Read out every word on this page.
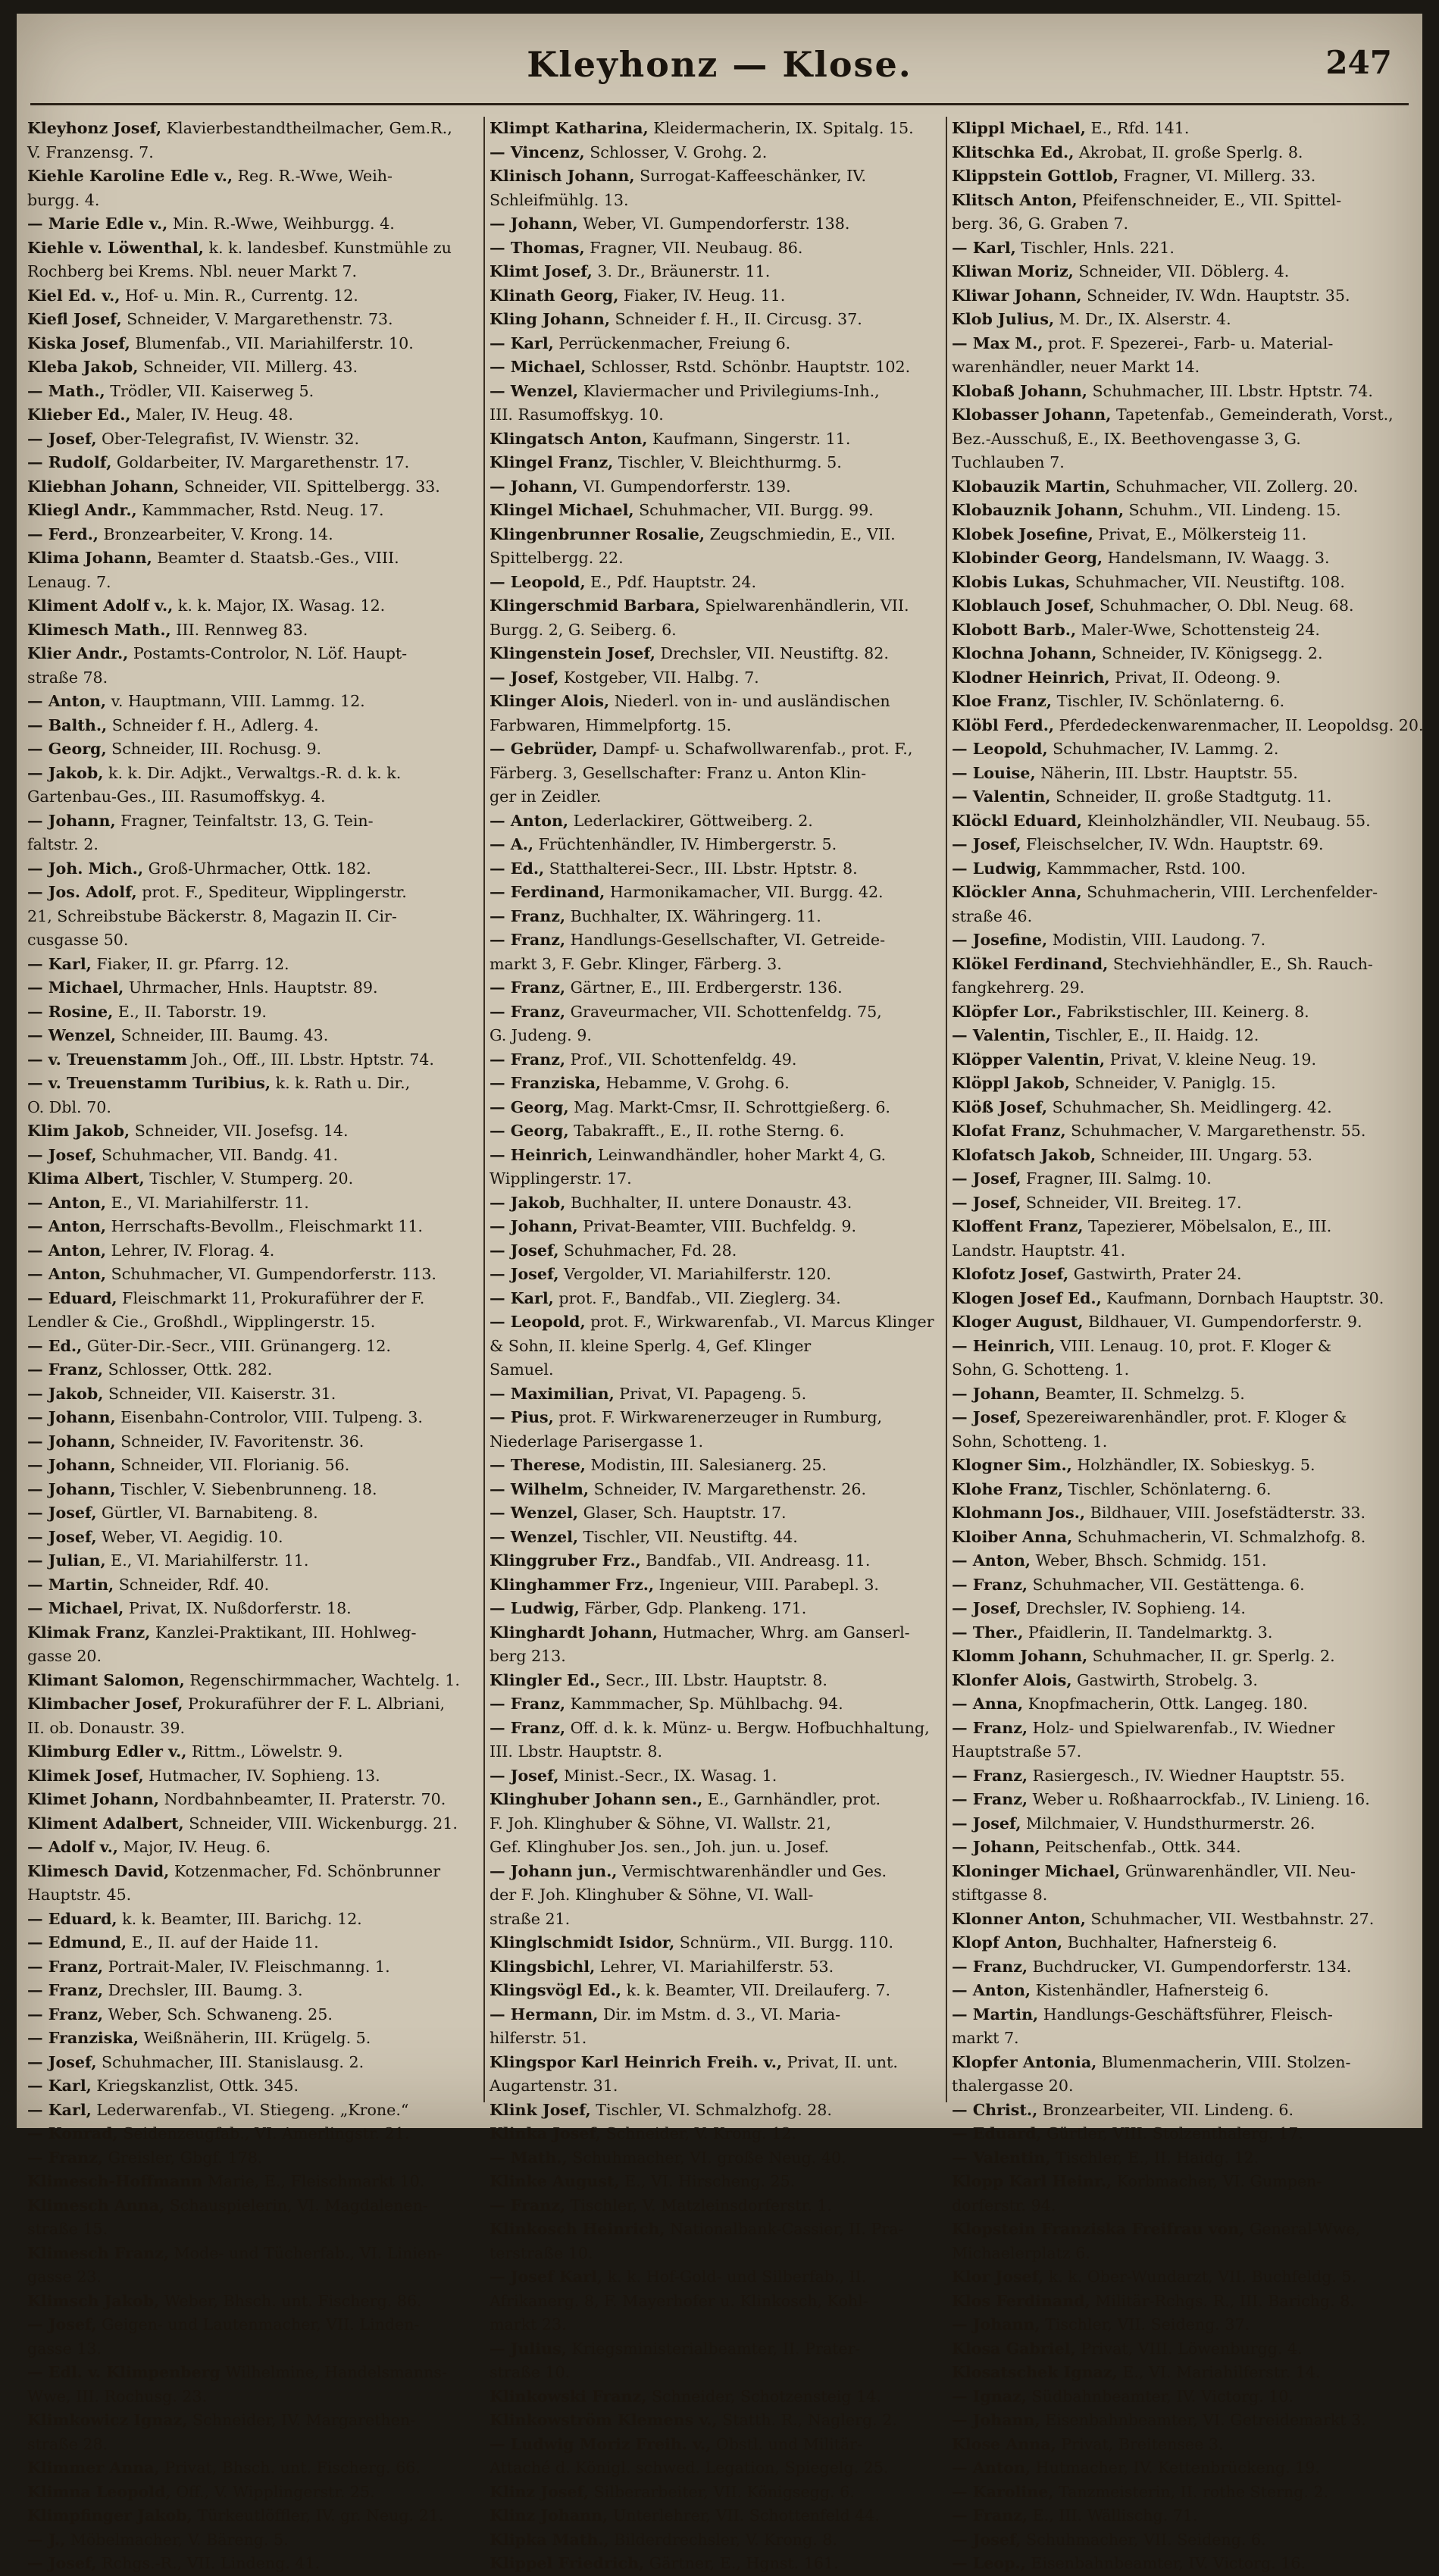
Kleyhonz — Klose.	247
Kleyhonz Josef, Klavierbestandtheilmacher, Gem.R.,
V. Franzensg. 7.
Kiehle Karoline Edle v., Reg. R.-Wwe, Weih-
burgg. 4.
— Marie Edle v., Min. R.-Wwe, Weihburgg. 4.
Kiehle v. Löwenthal, k. k. landesbef. Kunstmühle zu
Rochberg bei Krems. Nbl. neuer Markt 7.
Kiel Ed. v., Hof- u. Min. R., Currentg. 12.
Kiefl Josef, Schneider, V. Margarethenstr. 73.
Kiska Josef, Blumenfab., VII. Mariahilferstr. 10.
Kleba Jakob, Schneider, VII. Millerg. 43.
— Math., Trödler, VII. Kaiserweg 5.
Klieber Ed., Maler, IV. Heug. 48.
— Josef, Ober-Telegrafist, IV. Wienstr. 32.
— Rudolf, Goldarbeiter, IV. Margarethenstr. 17.
Kliebhan Johann, Schneider, VII. Spittelbergg. 33.
Kliegl Andr., Kammmacher, Rstd. Neug. 17.
— Ferd., Bronzearbeiter, V. Krong. 14.
Klima Johann, Beamter d. Staatsb.-Ges., VIII.
Lenaug. 7.
Kliment Adolf v., k. k. Major, IX. Wasag. 12.
Klimesch Math., III. Rennweg 83.
Klier Andr., Postamts-Controlor, N. Löf. Haupt-
straße 78.
— Anton, v. Hauptmann, VIII. Lammg. 12.
— Balth., Schneider f. H., Adlerg. 4.
— Georg, Schneider, III. Rochusg. 9.
— Jakob, k. k. Dir. Adjkt., Verwaltgs.-R. d. k. k.
Gartenbau-Ges., III. Rasumoffskyg. 4.
— Johann, Fragner, Teinfaltstr. 13, G. Tein-
faltstr. 2.
— Joh. Mich., Groß-Uhrmacher, Ottk. 182.
— Jos. Adolf, prot. F., Spediteur, Wipplingerstr.
21, Schreibstube Bäckerstr. 8, Magazin II. Cir-
cusgasse 50.
— Karl, Fiaker, II. gr. Pfarrg. 12.
— Michael, Uhrmacher, Hnls. Hauptstr. 89.
— Rosine, E., II. Taborstr. 19.
— Wenzel, Schneider, III. Baumg. 43.
— v. Treuenstamm Joh., Off., III. Lbstr. Hptstr. 74.
— v. Treuenstamm Turibius, k. k. Rath u. Dir.,
O. Dbl. 70.
Klim Jakob, Schneider, VII. Josefsg. 14.
— Josef, Schuhmacher, VII. Bandg. 41.
Klima Albert, Tischler, V. Stumperg. 20.
— Anton, E., VI. Mariahilferstr. 11.
— Anton, Herrschafts-Bevollm., Fleischmarkt 11.
— Anton, Lehrer, IV. Florag. 4.
— Anton, Schuhmacher, VI. Gumpendorferstr. 113.
— Eduard, Fleischmarkt 11, Prokuraführer der F.
Lendler & Cie., Großhdl., Wipplingerstr. 15.
— Ed., Güter-Dir.-Secr., VIII. Grünangerg. 12.
— Franz, Schlosser, Ottk. 282.
— Jakob, Schneider, VII. Kaiserstr. 31.
— Johann, Eisenbahn-Controlor, VIII. Tulpeng. 3.
— Johann, Schneider, IV. Favoritenstr. 36.
— Johann, Schneider, VII. Florianig. 56.
— Johann, Tischler, V. Siebenbrunneng. 18.
— Josef, Gürtler, VI. Barnabiteng. 8.
— Josef, Weber, VI. Aegidig. 10.
— Julian, E., VI. Mariahilferstr. 11.
— Martin, Schneider, Rdf. 40.
— Michael, Privat, IX. Nußdorferstr. 18.
Klimak Franz, Kanzlei-Praktikant, III. Hohlweg-
gasse 20.
Klimant Salomon, Regenschirmmacher, Wachtelg. 1.
Klimbacher Josef, Prokuraführer der F. L. Albriani,
II. ob. Donaustr. 39.
Klimburg Edler v., Rittm., Löwelstr. 9.
Klimek Josef, Hutmacher, IV. Sophieng. 13.
Klimet Johann, Nordbahnbeamter, II. Praterstr. 70.
Kliment Adalbert, Schneider, VIII. Wickenburgg. 21.
— Adolf v., Major, IV. Heug. 6.
Klimesch David, Kotzenmacher, Fd. Schönbrunner
Hauptstr. 45.
— Eduard, k. k. Beamter, III. Barichg. 12.
— Edmund, E., II. auf der Haide 11.
— Franz, Portrait-Maler, IV. Fleischmanng. 1.
— Franz, Drechsler, III. Baumg. 3.
— Franz, Weber, Sch. Schwaneng. 25.
— Franziska, Weißnäherin, III. Krügelg. 5.
— Josef, Schuhmacher, III. Stanislausg. 2.
— Karl, Kriegskanzlist, Ottk. 345.
— Karl, Lederwarenfab., VI. Stiegeng. „Krone.“
— Konrad, Seidenzeugfab., VI. Amerlingstr. 21.
— Franz, Greisler, Gbgf. 178.
Klimesch-Hoffmann Marie, E., Fleischmarkt 10.
Klimesch Anna, Schauspielerin, VI. Magdalenen-
straße 15.
Klimesch Franz, Mode- und Tücherfab., VI. Linien-
gasse 23.
Klimsch Jakob, Weber, Bhsch. unt. Fischerg. 86.
— Josef, Geigen- und Lautenmacher, VII. Linden-
gasse 13.
— Edl. v. Klimpenberg Wilhelmine, Handelsmanns-
Wwe, III. Rochusg. 23.
Klimkowicz Ignaz, Schneider, IV. Margarethen-
straße 28.
Klimmer Anna, Privat, Bhsch. unt. Fischerg. 66.
Klimna Leopold, Off., V. Wipplingerstr. 25.
Klimpfinger Jakob, Türkeutlöffler, IV. gr. Neug. 21.
— J., Möbelmacher, V. Bäreng. 5.
— Josef, Rchgs.-R., VII. Lindeng. 41.
Klimpt Katharina, Kleidermacherin, IX. Spitalg. 15.
— Vincenz, Schlosser, V. Grohg. 2.
Klinisch Johann, Surrogat-Kaffeeschänker, IV.
Schleifmühlg. 13.
— Johann, Weber, VI. Gumpendorferstr. 138.
— Thomas, Fragner, VII. Neubaug. 86.
Klimt Josef, 3. Dr., Bräunerstr. 11.
Klinath Georg, Fiaker, IV. Heug. 11.
Kling Johann, Schneider f. H., II. Circusg. 37.
— Karl, Perrückenmacher, Freiung 6.
— Michael, Schlosser, Rstd. Schönbr. Hauptstr. 102.
— Wenzel, Klaviermacher und Privilegiums-Inh.,
III. Rasumoffskyg. 10.
Klingatsch Anton, Kaufmann, Singerstr. 11.
Klingel Franz, Tischler, V. Bleichthurmg. 5.
— Johann, VI. Gumpendorferstr. 139.
Klingel Michael, Schuhmacher, VII. Burgg. 99.
Klingenbrunner Rosalie, Zeugschmiedin, E., VII.
Spittelbergg. 22.
— Leopold, E., Pdf. Hauptstr. 24.
Klingerschmid Barbara, Spielwarenhändlerin, VII.
Burgg. 2, G. Seiberg. 6.
Klingenstein Josef, Drechsler, VII. Neustiftg. 82.
— Josef, Kostgeber, VII. Halbg. 7.
Klinger Alois, Niederl. von in- und ausländischen
Farbwaren, Himmelpfortg. 15.
— Gebrüder, Dampf- u. Schafwollwarenfab., prot. F.,
Färberg. 3, Gesellschafter: Franz u. Anton Klin-
ger in Zeidler.
— Anton, Lederlackirer, Göttweiberg. 2.
— A., Früchtenhändler, IV. Himbergerstr. 5.
— Ed., Statthalterei-Secr., III. Lbstr. Hptstr. 8.
— Ferdinand, Harmonikamacher, VII. Burgg. 42.
— Franz, Buchhalter, IX. Währingerg. 11.
— Franz, Handlungs-Gesellschafter, VI. Getreide-
markt 3, F. Gebr. Klinger, Färberg. 3.
— Franz, Gärtner, E., III. Erdbergerstr. 136.
— Franz, Graveurmacher, VII. Schottenfeldg. 75,
G. Judeng. 9.
— Franz, Prof., VII. Schottenfeldg. 49.
— Franziska, Hebamme, V. Grohg. 6.
— Georg, Mag. Markt-Cmsr, II. Schrottgießerg. 6.
— Georg, Tabakrafft., E., II. rothe Sterng. 6.
— Heinrich, Leinwandhändler, hoher Markt 4, G.
Wipplingerstr. 17.
— Jakob, Buchhalter, II. untere Donaustr. 43.
— Johann, Privat-Beamter, VIII. Buchfeldg. 9.
— Josef, Schuhmacher, Fd. 28.
— Josef, Vergolder, VI. Mariahilferstr. 120.
— Karl, prot. F., Bandfab., VII. Zieglerg. 34.
— Leopold, prot. F., Wirkwarenfab., VI. Marcus Klinger
& Sohn, II. kleine Sperlg. 4, Gef. Klinger
Samuel.
— Maximilian, Privat, VI. Papageng. 5.
— Pius, prot. F. Wirkwarenerzeuger in Rumburg,
Niederlage Parisergasse 1.
— Therese, Modistin, III. Salesianerg. 25.
— Wilhelm, Schneider, IV. Margarethenstr. 26.
— Wenzel, Glaser, Sch. Hauptstr. 17.
— Wenzel, Tischler, VII. Neustiftg. 44.
Klinggruber Frz., Bandfab., VII. Andreasg. 11.
Klinghammer Frz., Ingenieur, VIII. Parabepl. 3.
— Ludwig, Färber, Gdp. Plankeng. 171.
Klinghardt Johann, Hutmacher, Whrg. am Ganserl-
berg 213.
Klingler Ed., Secr., III. Lbstr. Hauptstr. 8.
— Franz, Kammmacher, Sp. Mühlbachg. 94.
— Franz, Off. d. k. k. Münz- u. Bergw. Hofbuchhaltung,
III. Lbstr. Hauptstr. 8.
— Josef, Minist.-Secr., IX. Wasag. 1.
Klinghuber Johann sen., E., Garnhändler, prot.
F. Joh. Klinghuber & Söhne, VI. Wallstr. 21,
Gef. Klinghuber Jos. sen., Joh. jun. u. Josef.
— Johann jun., Vermischtwarenhändler und Ges.
der F. Joh. Klinghuber & Söhne, VI. Wall-
straße 21.
Klinglschmidt Isidor, Schnürm., VII. Burgg. 110.
Klingsbichl, Lehrer, VI. Mariahilferstr. 53.
Klingsvögl Ed., k. k. Beamter, VII. Dreilauferg. 7.
— Hermann, Dir. im Mstm. d. 3., VI. Maria-
hilferstr. 51.
Klingspor Karl Heinrich Freih. v., Privat, II. unt.
Augartenstr. 31.
Klink Josef, Tischler, VI. Schmalzhofg. 28.
Klinka Josef, Schneider, V. Krong. 12.
— Math., Schuhmacher, VI. große Neug. 40.
Klinke August, E., VI. Hirscheng. 25.
— Franz, Tischler, V. Matzleinsdorferstr. 1.
Klinkosch Heinrich, Nationalbank-Cassier, II. Pra-
terstraße 10.
— Josef Karl, k. k. Hof-Gold- und Silberfab., II.
Afrikanerg. 8, F. Mayerhofer u. Klinkosch, Kohl-
markt 23.
— Julius, Kriegsministerialbeamter, II. Prater-
straße 10.
Klinkowski Franz, Schneider, Schotzensteig 14.
Klinkowström Klemens v., Statth. R., Naglerg. 2.
— Ludwig Moriz Freih. v., Obstl. und Militär-
Attaché d. Königl. schwed. Legation, Spiegelg. 25.
Klinz Josef, Silberarbeiter, VII. Königsegg. 6.
Klinz Johann, Unterlehrer, VII. Schottenfeld 44.
Klipka Math., Bilderdrechsler, V. Krong. 8.
Klippel Friedrich, Gärtner, E., Hgnst. 161.
Klippl Michael, E., Rfd. 141.
Klitschka Ed., Akrobat, II. große Sperlg. 8.
Klippstein Gottlob, Fragner, VI. Millerg. 33.
Klitsch Anton, Pfeifenschneider, E., VII. Spittel-
berg. 36, G. Graben 7.
— Karl, Tischler, Hnls. 221.
Kliwan Moriz, Schneider, VII. Döblerg. 4.
Kliwar Johann, Schneider, IV. Wdn. Hauptstr. 35.
Klob Julius, M. Dr., IX. Alserstr. 4.
— Max M., prot. F. Spezerei-, Farb- u. Material-
warenhändler, neuer Markt 14.
Klobaß Johann, Schuhmacher, III. Lbstr. Hptstr. 74.
Klobasser Johann, Tapetenfab., Gemeinderath, Vorst.,
Bez.-Ausschuß, E., IX. Beethovengasse 3, G.
Tuchlauben 7.
Klobauzik Martin, Schuhmacher, VII. Zollerg. 20.
Klobauznik Johann, Schuhm., VII. Lindeng. 15.
Klobek Josefine, Privat, E., Mölkersteig 11.
Klobinder Georg, Handelsmann, IV. Waagg. 3.
Klobis Lukas, Schuhmacher, VII. Neustiftg. 108.
Kloblauch Josef, Schuhmacher, O. Dbl. Neug. 68.
Klobott Barb., Maler-Wwe, Schottensteig 24.
Klochna Johann, Schneider, IV. Königsegg. 2.
Klodner Heinrich, Privat, II. Odeong. 9.
Kloe Franz, Tischler, IV. Schönlaterng. 6.
Klöbl Ferd., Pferdedeckenwarenmacher, II. Leopoldsg. 20.
— Leopold, Schuhmacher, IV. Lammg. 2.
— Louise, Näherin, III. Lbstr. Hauptstr. 55.
— Valentin, Schneider, II. große Stadtgutg. 11.
Klöckl Eduard, Kleinholzhändler, VII. Neubaug. 55.
— Josef, Fleischselcher, IV. Wdn. Hauptstr. 69.
— Ludwig, Kammmacher, Rstd. 100.
Klöckler Anna, Schuhmacherin, VIII. Lerchenfelder-
straße 46.
— Josefine, Modistin, VIII. Laudong. 7.
Klökel Ferdinand, Stechviehhändler, E., Sh. Rauch-
fangkehrerg. 29.
Klöpfer Lor., Fabrikstischler, III. Keinerg. 8.
— Valentin, Tischler, E., II. Haidg. 12.
Klöpper Valentin, Privat, V. kleine Neug. 19.
Klöppl Jakob, Schneider, V. Paniglg. 15.
Klöß Josef, Schuhmacher, Sh. Meidlingerg. 42.
Klofat Franz, Schuhmacher, V. Margarethenstr. 55.
Klofatsch Jakob, Schneider, III. Ungarg. 53.
— Josef, Fragner, III. Salmg. 10.
— Josef, Schneider, VII. Breiteg. 17.
Kloffent Franz, Tapezierer, Möbelsalon, E., III.
Landstr. Hauptstr. 41.
Klofotz Josef, Gastwirth, Prater 24.
Klogen Josef Ed., Kaufmann, Dornbach Hauptstr. 30.
Kloger August, Bildhauer, VI. Gumpendorferstr. 9.
— Heinrich, VIII. Lenaug. 10, prot. F. Kloger &
Sohn, G. Schotteng. 1.
— Johann, Beamter, II. Schmelzg. 5.
— Josef, Spezereiwarenhändler, prot. F. Kloger &
Sohn, Schotteng. 1.
Klogner Sim., Holzhändler, IX. Sobieskyg. 5.
Klohe Franz, Tischler, Schönlaterng. 6.
Klohmann Jos., Bildhauer, VIII. Josefstädterstr. 33.
Kloiber Anna, Schuhmacherin, VI. Schmalzhofg. 8.
— Anton, Weber, Bhsch. Schmidg. 151.
— Franz, Schuhmacher, VII. Gestättenga. 6.
— Josef, Drechsler, IV. Sophieng. 14.
— Ther., Pfaidlerin, II. Tandelmarktg. 3.
Klomm Johann, Schuhmacher, II. gr. Sperlg. 2.
Klonfer Alois, Gastwirth, Strobelg. 3.
— Anna, Knopfmacherin, Ottk. Langeg. 180.
— Franz, Holz- und Spielwarenfab., IV. Wiedner
Hauptstraße 57.
— Franz, Rasiergesch., IV. Wiedner Hauptstr. 55.
— Franz, Weber u. Roßhaarrockfab., IV. Linieng. 16.
— Josef, Milchmaier, V. Hundsthurmerstr. 26.
— Johann, Peitschenfab., Ottk. 344.
Kloninger Michael, Grünwarenhändler, VII. Neu-
stiftgasse 8.
Klonner Anton, Schuhmacher, VII. Westbahnstr. 27.
Klopf Anton, Buchhalter, Hafnersteig 6.
— Franz, Buchdrucker, VI. Gumpendorferstr. 134.
— Anton, Kistenhändler, Hafnersteig 6.
— Martin, Handlungs-Geschäftsführer, Fleisch-
markt 7.
Klopfer Antonia, Blumenmacherin, VIII. Stolzen-
thalergasse 20.
— Christ., Bronzearbeiter, VII. Lindeng. 6.
— Eduard, Gürtler, VIII. Stolzenthalerg. 17.
— Valentin, Tischler, E., II. Haidg. 12.
Klopp Karl Heinr., Korbmacher, VI. Gumpen-
dorferstr. 94.
Klopstein Franziska Freifrau von, General-Wwe,
Michaelerplatz 6.
Klor Josef, k. k. Ober-Wundarzt, VII. Buchfeldg. 5.
Klos Ferdinand, Militär-Rchgs. R., III. Barichg. 8.
— Johann, Tischler, VII. Seideng. 37.
Klosa Gabriel, Privat, VIII. Löwenburgg. 4.
Klosatschek Ignaz, E., VI. Mariahilferstr. 14.
— Ignaz, Südbahnbeamter, IV. Victorg. 10.
— Johann, Eisenbahnbeamter, VI. Getreidemarkt 3.
Klose Anna, Privat, Breitensee 3.
— Anton, Hutmacher, IV. Kettenbrückeng. 19.
— Karoline, Tanzmeisterin, II. rothe Sterng. 2.
— Franz, E., III. Wällischg. 71.
— Josef, Schuhmacher, VII. Seideng. 6.
— Leop., Eisenbahnbeamter, IV. Victorg. 16.
